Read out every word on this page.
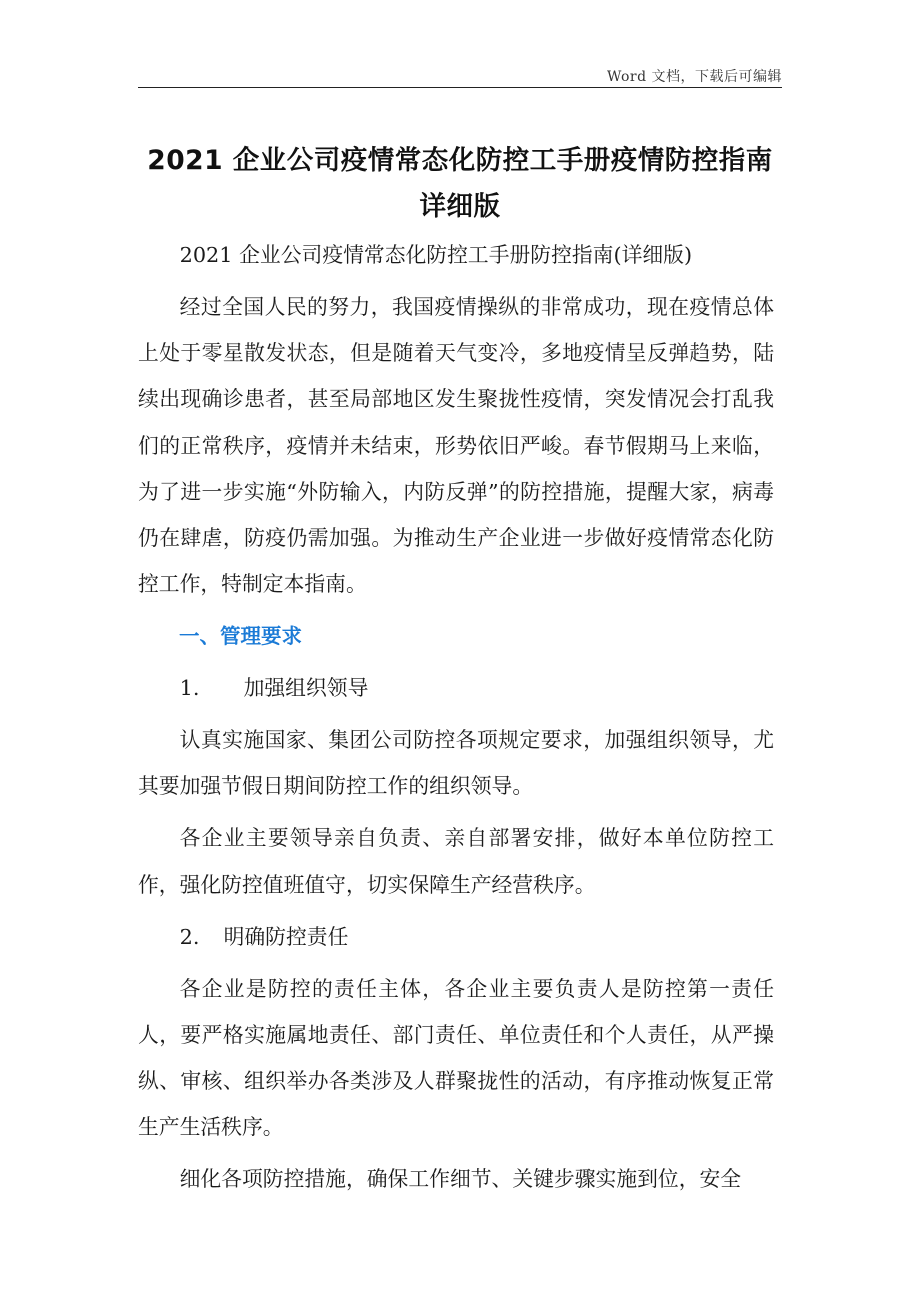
Word 文档，下载后可编辑
2021 企业公司疫情常态化防控工手册疫情防控指南
详细版

2021 企业公司疫情常态化防控工手册防控指南(详细版)

经过全国人民的努力，我国疫情操纵的非常成功，现在疫情总体上处于零星散发状态，但是随着天气变冷，多地疫情呈反弹趋势，陆续出现确诊患者，甚至局部地区发生聚拢性疫情，突发情况会打乱我们的正常秩序，疫情并未结束，形势依旧严峻。春节假期马上来临，为了进一步实施“外防输入，内防反弹”的防控措施，提醒大家，病毒仍在肆虐，防疫仍需加强。为推动生产企业进一步做好疫情常态化防控工作，特制定本指南。

一、管理要求

1. 加强组织领导

认真实施国家、集团公司防控各项规定要求，加强组织领导，尤其要加强节假日期间防控工作的组织领导。

各企业主要领导亲自负责、亲自部署安排，做好本单位防控工作，强化防控值班值守，切实保障生产经营秩序。

2. 明确防控责任

各企业是防控的责任主体，各企业主要负责人是防控第一责任人，要严格实施属地责任、部门责任、单位责任和个人责任，从严操纵、审核、组织举办各类涉及人群聚拢性的活动，有序推动恢复正常生产生活秩序。

细化各项防控措施，确保工作细节、关键步骤实施到位，安全
